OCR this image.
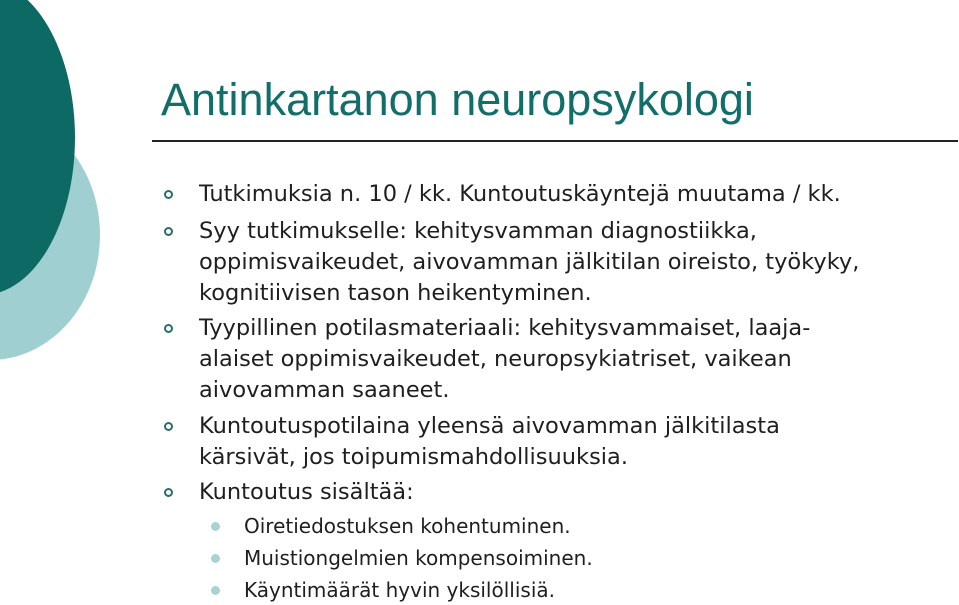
Antinkartanon neuropsykologi
Tutkimuksia n. 10 / kk. Kuntoutuskäyntejä muutama / kk.
Syy tutkimukselle: kehitysvamman diagnostiikka,
oppimisvaikeudet, aivovamman jälkitilan oireisto, työkyky,
kognitiivisen tason heikentyminen.
Tyypillinen potilasmateriaali: kehitysvammaiset, laaja-
alaiset oppimisvaikeudet, neuropsykiatriset, vaikean
aivovamman saaneet.
Kuntoutuspotilaina yleensä aivovamman jälkitilasta
kärsivät, jos toipumismahdollisuuksia.
Kuntoutus sisältää:
Oiretiedostuksen kohentuminen.
Muistiongelmien kompensoiminen.
Käyntimäärät hyvin yksilöllisiä.
